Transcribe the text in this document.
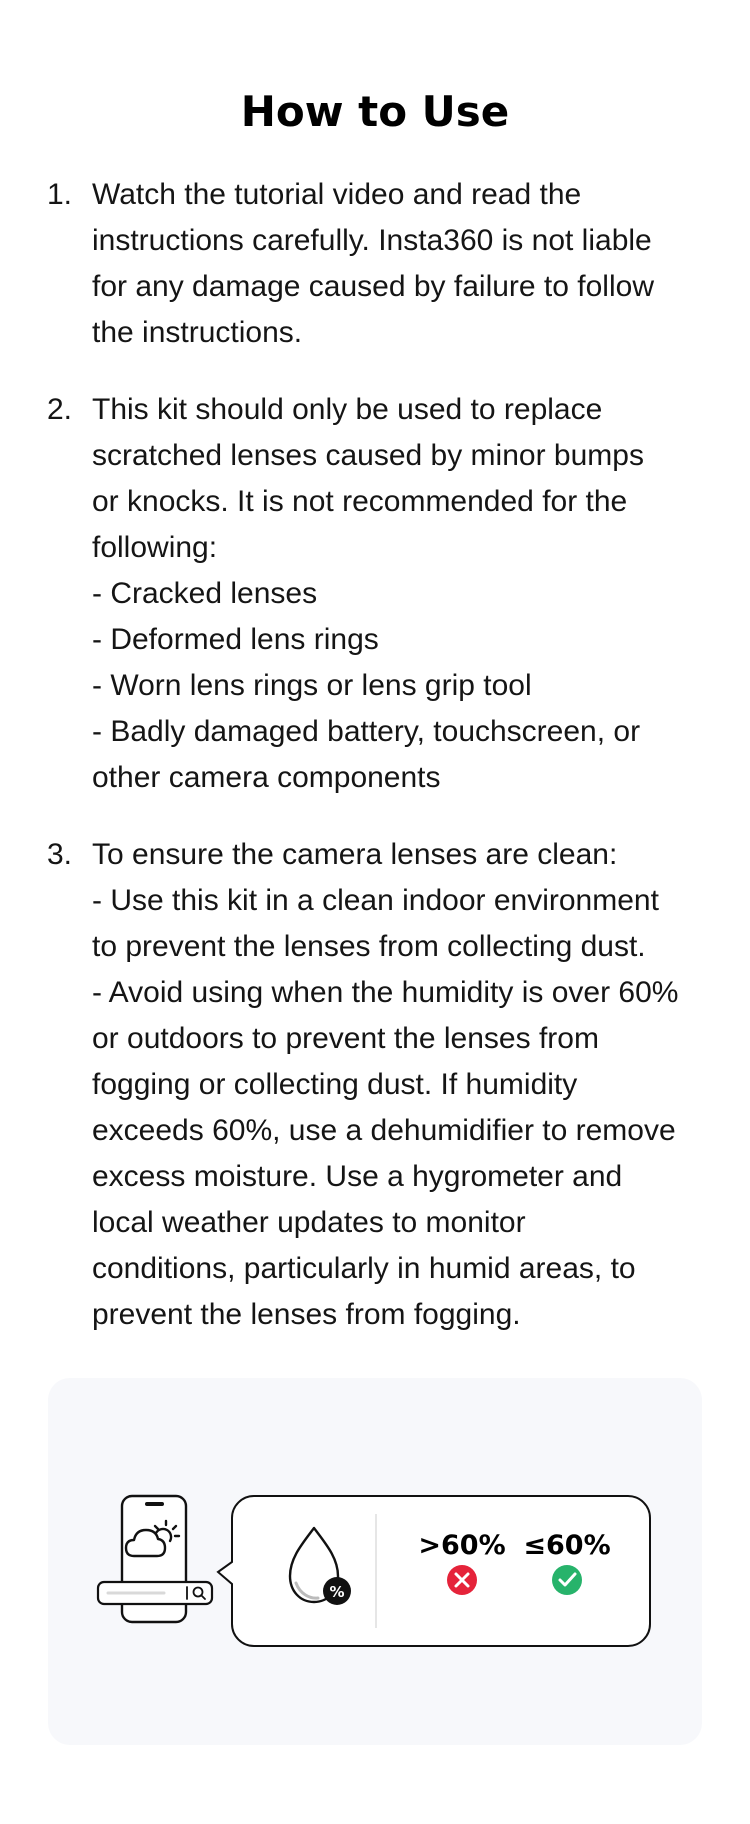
How to Use
1. Watch the tutorial video and read the
instructions carefully. Insta360 is not liable
for any damage caused by failure to follow
the instructions.
2. This kit should only be used to replace
scratched lenses caused by minor bumps
or knocks. It is not recommended for the
following:
- Cracked lenses
- Deformed lens rings
- Worn lens rings or lens grip tool
- Badly damaged battery, touchscreen, or
other camera components
3. To ensure the camera lenses are clean:
- Use this kit in a clean indoor environment
to prevent the lenses from collecting dust.
- Avoid using when the humidity is over 60%
or outdoors to prevent the lenses from
fogging or collecting dust. If humidity
exceeds 60%, use a dehumidifier to remove
excess moisture. Use a hygrometer and
local weather updates to monitor
conditions, particularly in humid areas, to
prevent the lenses from fogging.
%
>60% ≤60%
